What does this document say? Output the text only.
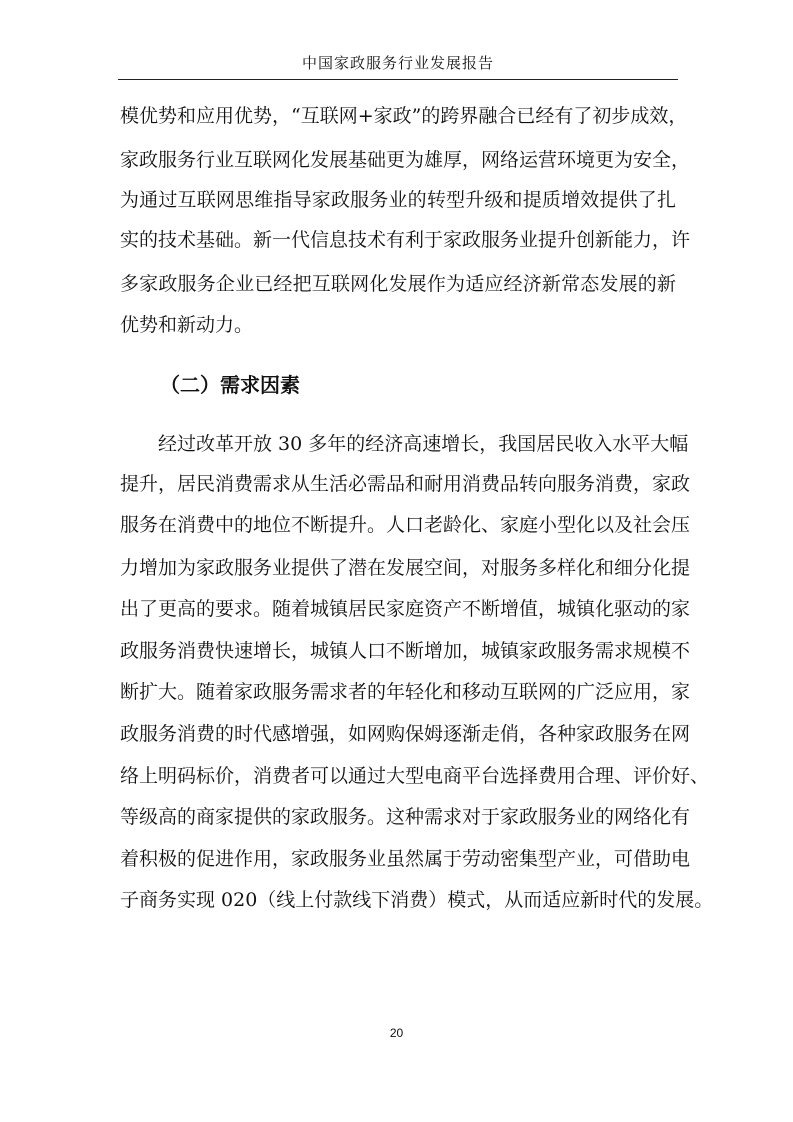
中国家政服务行业发展报告
模优势和应用优势，“互联网+家政”的跨界融合已经有了初步成效，
家政服务行业互联网化发展基础更为雄厚，网络运营环境更为安全，
为通过互联网思维指导家政服务业的转型升级和提质增效提供了扎
实的技术基础。新一代信息技术有利于家政服务业提升创新能力，许
多家政服务企业已经把互联网化发展作为适应经济新常态发展的新
优势和新动力。
（二）需求因素
经过改革开放 30 多年的经济高速增长，我国居民收入水平大幅
提升，居民消费需求从生活必需品和耐用消费品转向服务消费，家政
服务在消费中的地位不断提升。人口老龄化、家庭小型化以及社会压
力增加为家政服务业提供了潜在发展空间，对服务多样化和细分化提
出了更高的要求。随着城镇居民家庭资产不断增值，城镇化驱动的家
政服务消费快速增长，城镇人口不断增加，城镇家政服务需求规模不
断扩大。随着家政服务需求者的年轻化和移动互联网的广泛应用，家
政服务消费的时代感增强，如网购保姆逐渐走俏，各种家政服务在网
络上明码标价，消费者可以通过大型电商平台选择费用合理、评价好、
等级高的商家提供的家政服务。这种需求对于家政服务业的网络化有
着积极的促进作用，家政服务业虽然属于劳动密集型产业，可借助电
子商务实现 020（线上付款线下消费）模式，从而适应新时代的发展。
20
